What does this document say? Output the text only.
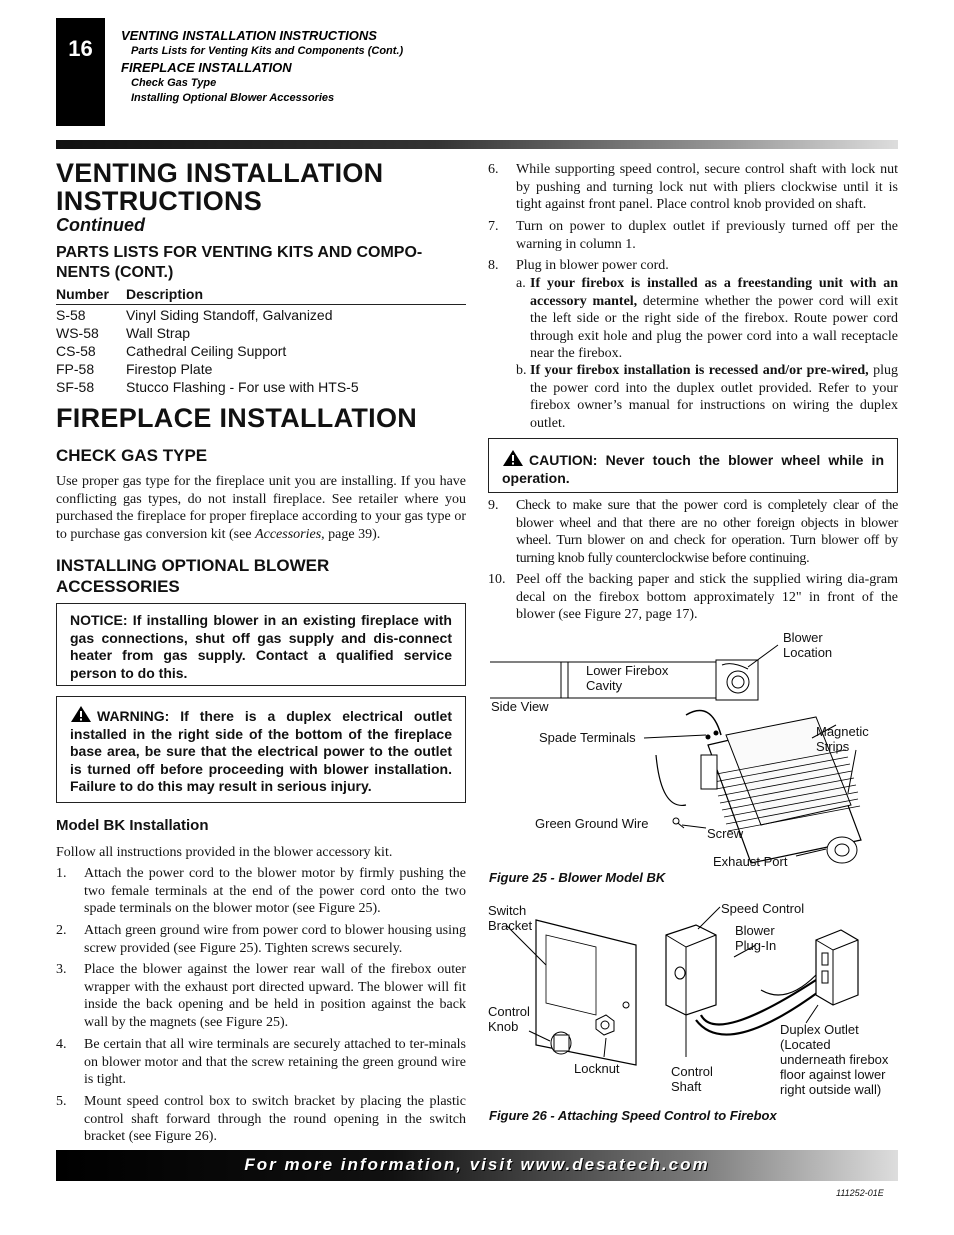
16
VENTING INSTALLATION INSTRUCTIONS
Parts Lists for Venting Kits and Components (Cont.)
FIREPLACE INSTALLATION
Check Gas Type
Installing Optional Blower Accessories
VENTING INSTALLATION
INSTRUCTIONS
Continued
PARTS LISTS FOR VENTING KITS AND COMPO-
NENTS (CONT.)
Number Description
S-58	Vinyl Siding Standoff, Galvanized
WS-58	Wall Strap
CS-58	Cathedral Ceiling Support
FP-58	Firestop Plate
SF-58	Stucco Flashing - For use with HTS-5
FIREPLACE INSTALLATION
CHECK GAS TYPE
Use proper gas type for the fireplace unit you are installing. If you have conflicting gas types, do not install fireplace. See retailer where you purchased the fireplace for proper fireplace according to your gas type or to purchase gas conversion kit (see Accessories, page 39).
INSTALLING OPTIONAL BLOWER
ACCESSORIES
NOTICE: If installing blower in an existing fireplace with gas connections, shut off gas supply and dis-connect heater from gas supply. Contact a qualified service person to do this.
WARNING: If there is a duplex electrical outlet installed in the right side of the bottom of the fireplace base area, be sure that the electrical power to the outlet is turned off before proceeding with blower installation. Failure to do this may result in serious injury.
Model BK Installation
Follow all instructions provided in the blower accessory kit.
1. Attach the power cord to the blower motor by firmly pushing the two female terminals at the end of the power cord onto the two spade terminals on the blower motor (see Figure 25).
2. Attach green ground wire from power cord to blower housing using screw provided (see Figure 25). Tighten screws securely.
3. Place the blower against the lower rear wall of the firebox outer wrapper with the exhaust port directed upward. The blower will fit inside the back opening and be held in position against the back wall by the magnets (see Figure 25).
4. Be certain that all wire terminals are securely attached to ter-minals on blower motor and that the screw retaining the green ground wire is tight.
5. Mount speed control box to switch bracket by placing the plastic control shaft forward through the round opening in the switch bracket (see Figure 26).
6. While supporting speed control, secure control shaft with lock nut by pushing and turning lock nut with pliers clockwise until it is tight against front panel. Place control knob provided on shaft.
7. Turn on power to duplex outlet if previously turned off per the warning in column 1.
8. Plug in blower power cord.
a. If your firebox is installed as a freestanding unit with an accessory mantel, determine whether the power cord will exit the left side or the right side of the firebox. Route power cord through exit hole and plug the power cord into a wall receptacle near the firebox.
b. If your firebox installation is recessed and/or pre-wired, plug the power cord into the duplex outlet provided. Refer to your firebox owner’s manual for instructions on wiring the duplex outlet.
CAUTION: Never touch the blower wheel while in operation.
9. Check to make sure that the power cord is completely clear of the blower wheel and that there are no other foreign objects in blower wheel. Turn blower on and check for operation. Turn blower off by turning knob fully counterclockwise before continuing.
10. Peel off the backing paper and stick the supplied wiring dia-gram decal on the firebox bottom approximately 12" in front of the blower (see Figure 27, page 17).
Blower
Location
Lower Firebox
Cavity
Side View
Spade Terminals	Magnetic
Strips
Green Ground Wire
Screw
Exhaust Port
Figure 25 - Blower Model BK
Switch
Bracket
Speed Control
Blower
Plug-In
Control
Knob	Duplex Outlet
(Located
underneath firebox
floor against lower
right outside wall)
Locknut	Control
Shaft
Figure 26 - Attaching Speed Control to Firebox
For more information, visit www.desatech.com
111252-01E
